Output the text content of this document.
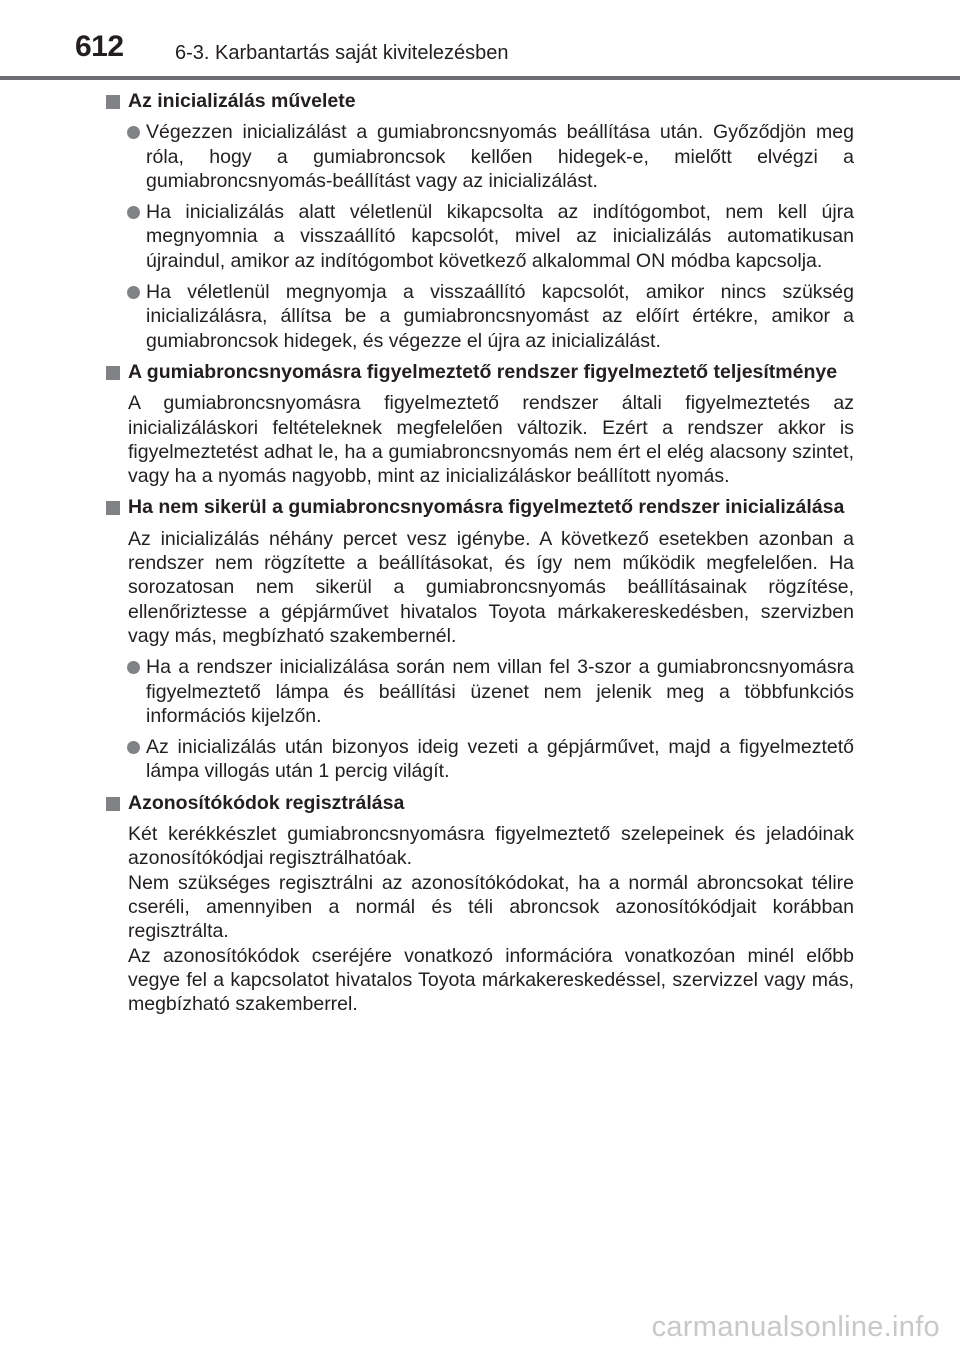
612	6-3. Karbantartás saját kivitelezésben
Az inicializálás művelete
Végezzen inicializálást a gumiabroncsnyomás beállítása után. Győződjön meg róla, hogy a gumiabroncsok kellően hidegek-e, mielőtt elvégzi a gumiabroncsnyomás-beállítást vagy az inicializálást.
Ha inicializálás alatt véletlenül kikapcsolta az indítógombot, nem kell újra megnyomnia a visszaállító kapcsolót, mivel az inicializálás automatikusan újraindul, amikor az indítógombot következő alkalommal ON módba kapcsolja.
Ha véletlenül megnyomja a visszaállító kapcsolót, amikor nincs szükség inicializálásra, állítsa be a gumiabroncsnyomást az előírt értékre, amikor a gumiabroncsok hidegek, és végezze el újra az inicializálást.
A gumiabroncsnyomásra figyelmeztető rendszer figyelmeztető teljesítménye
A gumiabroncsnyomásra figyelmeztető rendszer általi figyelmeztetés az inicializáláskori feltételeknek megfelelően változik. Ezért a rendszer akkor is figyelmeztetést adhat le, ha a gumiabroncsnyomás nem ért el elég alacsony szintet, vagy ha a nyomás nagyobb, mint az inicializáláskor beállított nyomás.
Ha nem sikerül a gumiabroncsnyomásra figyelmeztető rendszer inicializálása
Az inicializálás néhány percet vesz igénybe. A következő esetekben azonban a rendszer nem rögzítette a beállításokat, és így nem működik megfelelően. Ha sorozatosan nem sikerül a gumiabroncsnyomás beállításainak rögzítése, ellenőriztesse a gépjárművet hivatalos Toyota márkakereskedésben, szervizben vagy más, megbízható szakembernél.
Ha a rendszer inicializálása során nem villan fel 3-szor a gumiabroncsnyomásra figyelmeztető lámpa és beállítási üzenet nem jelenik meg a többfunkciós információs kijelzőn.
Az inicializálás után bizonyos ideig vezeti a gépjárművet, majd a figyelmeztető lámpa villogás után 1 percig világít.
Azonosítókódok regisztrálása
Két kerékkészlet gumiabroncsnyomásra figyelmeztető szelepeinek és jeladóinak azonosítókódjai regisztrálhatóak.
Nem szükséges regisztrálni az azonosítókódokat, ha a normál abroncsokat télire cseréli, amennyiben a normál és téli abroncsok azonosítókódjait korábban regisztrálta.
Az azonosítókódok cseréjére vonatkozó információra vonatkozóan minél előbb vegye fel a kapcsolatot hivatalos Toyota márkakereskedéssel, szervizzel vagy más, megbízható szakemberrel.
carmanualsonline.info
